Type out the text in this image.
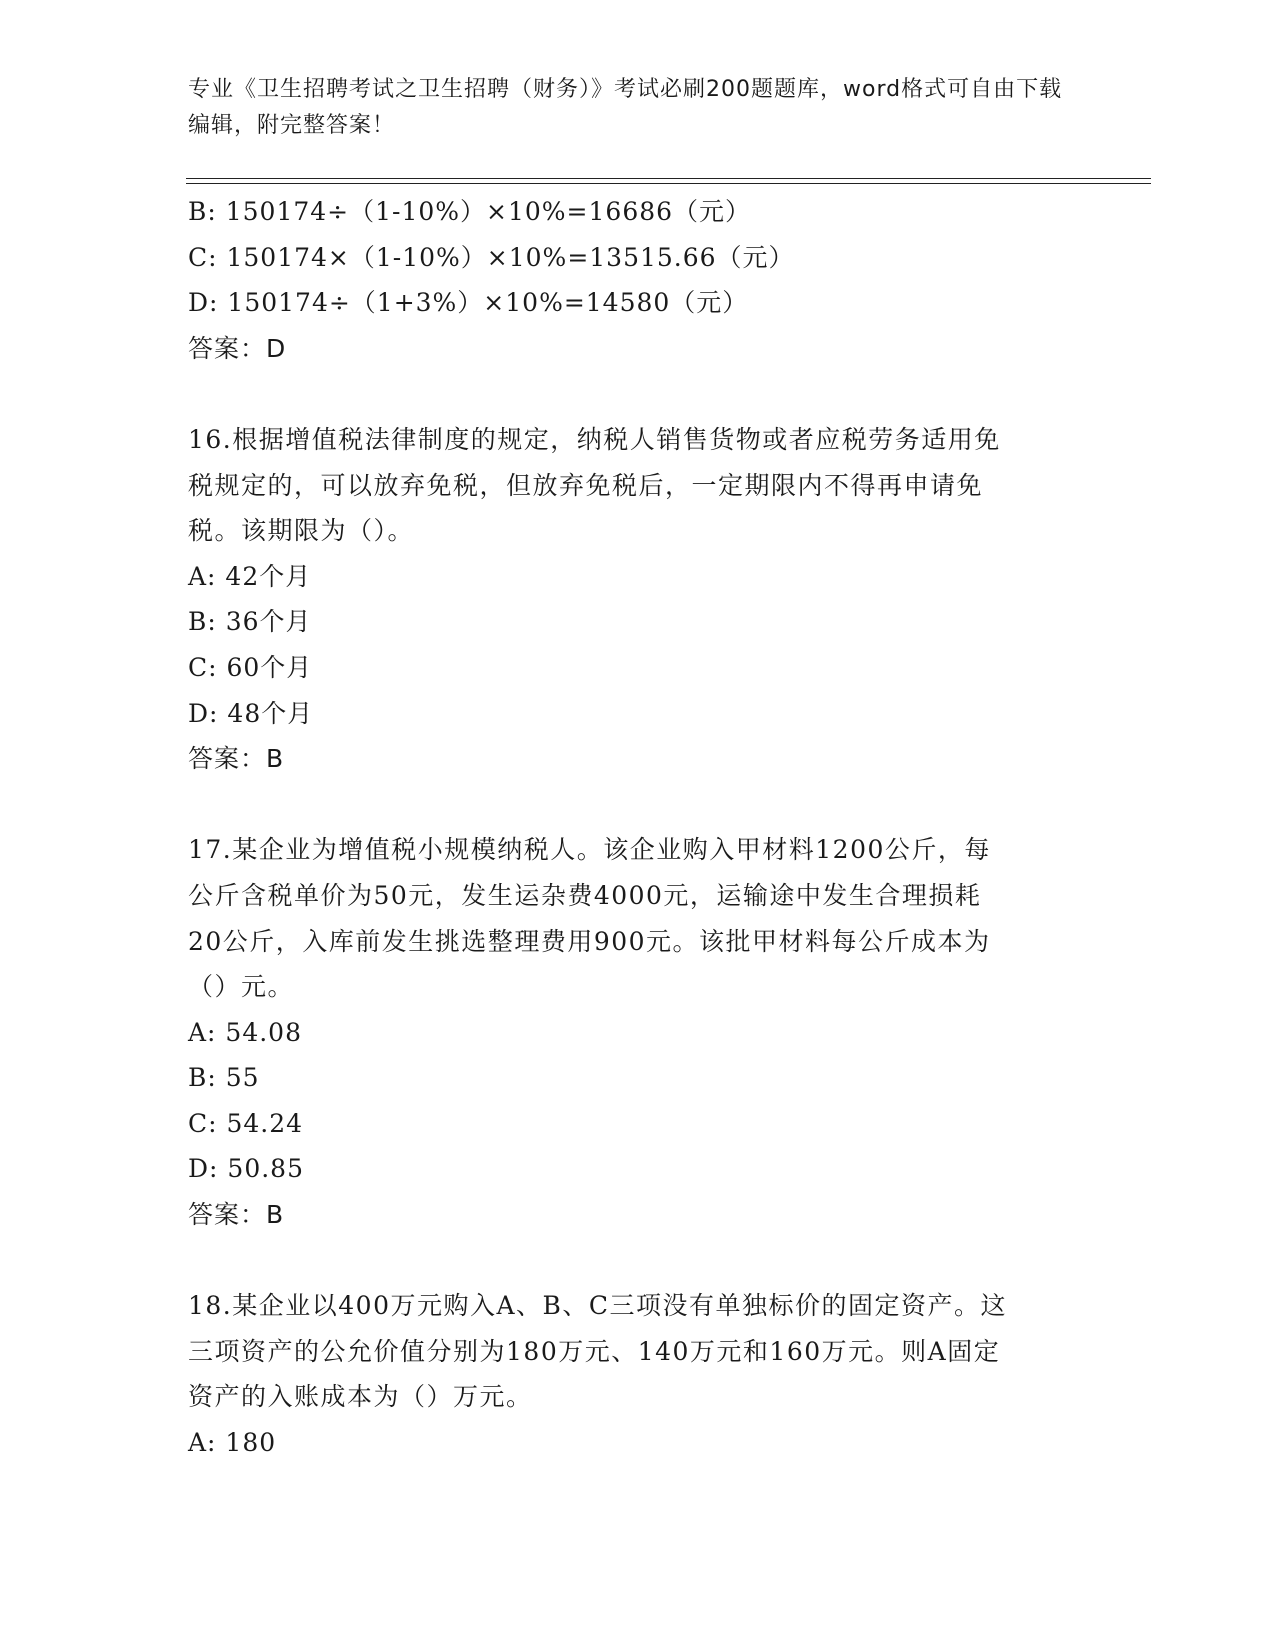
专业《卫生招聘考试之卫生招聘（财务）》考试必刷200题题库，word格式可自由下载编辑，附完整答案！
B: 150174÷（1-10%）×10%=16686（元）
C: 150174×（1-10%）×10%=13515.66（元）
D: 150174÷（1+3%）×10%=14580（元）
答案：D
16.根据增值税法律制度的规定，纳税人销售货物或者应税劳务适用免
税规定的，可以放弃免税，但放弃免税后，一定期限内不得再申请免
税。该期限为（）。
A: 42个月
B: 36个月
C: 60个月
D: 48个月
答案：B
17.某企业为增值税小规模纳税人。该企业购入甲材料1200公斤，每
公斤含税单价为50元，发生运杂费4000元，运输途中发生合理损耗
20公斤，入库前发生挑选整理费用900元。该批甲材料每公斤成本为
（）元。
A: 54.08
B: 55
C: 54.24
D: 50.85
答案：B
18.某企业以400万元购入A、B、C三项没有单独标价的固定资产。这
三项资产的公允价值分别为180万元、140万元和160万元。则A固定
资产的入账成本为（）万元。
A: 180
